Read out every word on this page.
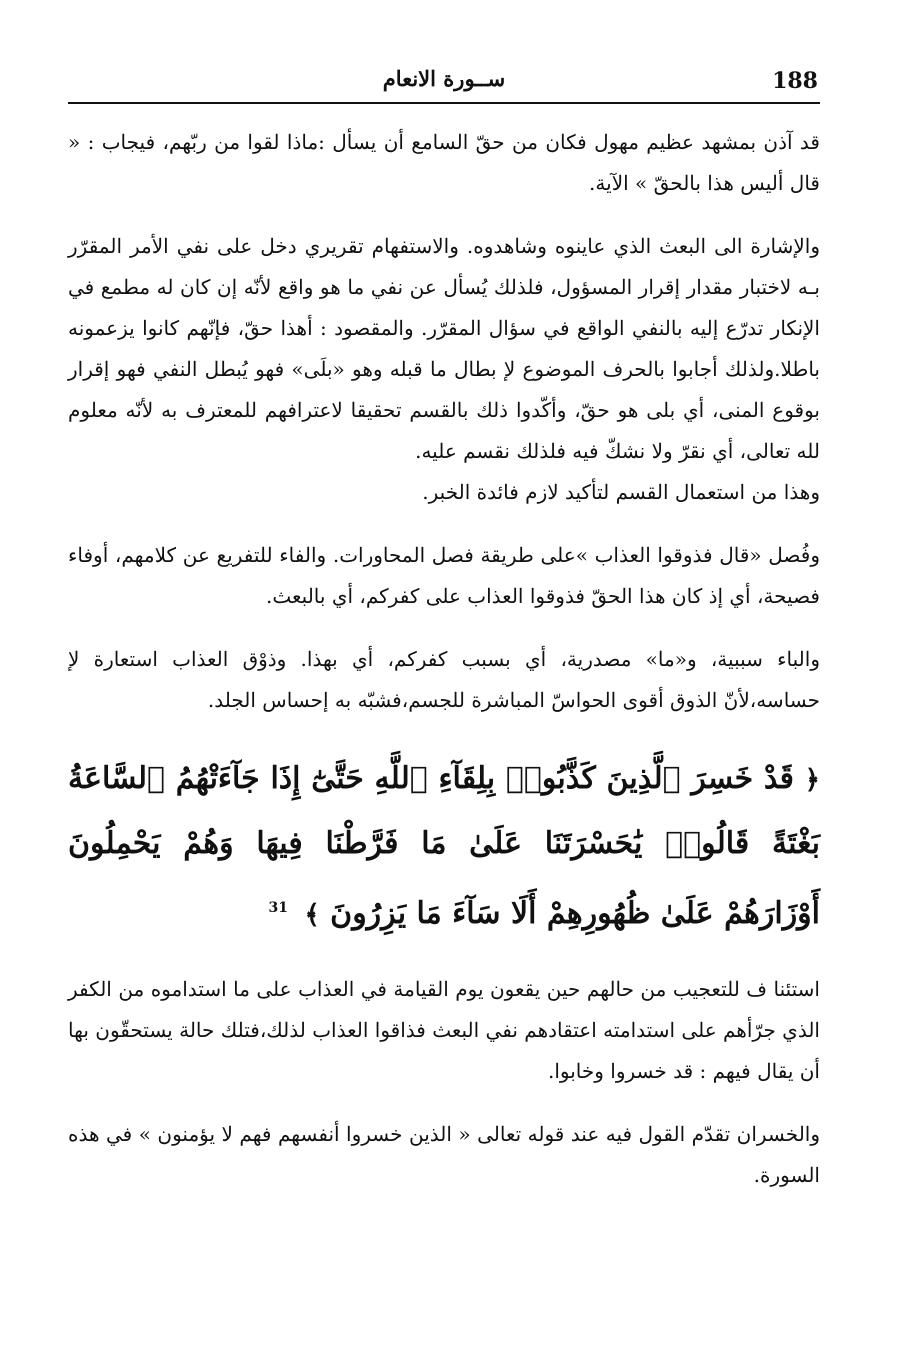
188
ســورة الانعام

قد آذن بمشهد عظيم مهول فكان من حقّ السامع أن يسأل :ماذا لقوا من ربّهم، فيجاب : « قال أليس هذا بالحقّ » الآية.

والإشارة الى البعث الذي عاينوه وشاهدوه. والاستفهام تقريري دخل على نفي الأمر المقرّر بـه لاختبار مقدار إقرار المسؤول، فلذلك يُسأل عن نفي ما هو واقع لأنّه إن كان له مطمع في الإنكار تدرّع إليه بالنفي الواقع في سؤال المقرّر. والمقصود : أهذا حقّ، فإنّهم كانوا يزعمونه باطلا.ولذلك أجابوا بالحرف الموضوع لإ بطال ما قبله وهو «بلَى» فهو يُبطل النفي فهو إقرار بوقوع المنى، أي بلى هو حقّ، وأكّدوا ذلك بالقسم تحقيقا لاعترافهم للمعترف به لأنّه معلوم لله تعالى، أي نقرّ ولا نشكّ فيه فلذلك نقسم عليه.

وهذا من استعمال القسم لتأكيد لازم فائدة الخبر.

وفُصل «قال فذوقوا العذاب »على طريقة فصل المحاورات. والفاء للتفريع عن كلامهم، أوفاء فصيحة، أي إذ كان هذا الحقّ فذوقوا العذاب على كفركم، أي بالبعث.

والباء سببية، و«ما» مصدرية، أي بسبب كفركم، أي بهذا. وذوْق العذاب استعارة لإ حساسه،لأنّ الذوق أقوى الحواسّ المباشرة للجسم،فشبّه به إحساس الجلد.

﴿ قَدْ خَسِرَ ٱلَّذِينَ كَذَّبُوا۟ بِلِقَآءِ ٱللَّهِ حَتَّىٰٓ إِذَا جَآءَتْهُمُ ٱلسَّاعَةُ بَغْتَةً قَالُوا۟ يَٰحَسْرَتَنَا عَلَىٰ مَا فَرَّطْنَا فِيهَا وَهُمْ يَحْمِلُونَ أَوْزَارَهُمْ عَلَىٰ ظُهُورِهِمْ أَلَا سَآءَ مَا يَزِرُونَ ﴾ $^{31}$

استئنا ف للتعجيب من حالهم حين يقعون يوم القيامة في العذاب على ما استداموه من الكفر الذي جرّأهم على استدامته اعتقادهم نفي البعث فذاقوا العذاب لذلك،فتلك حالة يستحقّون بها أن يقال فيهم : قد خسروا وخابوا.

والخسران تقدّم القول فيه عند قوله تعالى « الذين خسروا أنفسهم فهم لا يؤمنون » في هذه السورة.
